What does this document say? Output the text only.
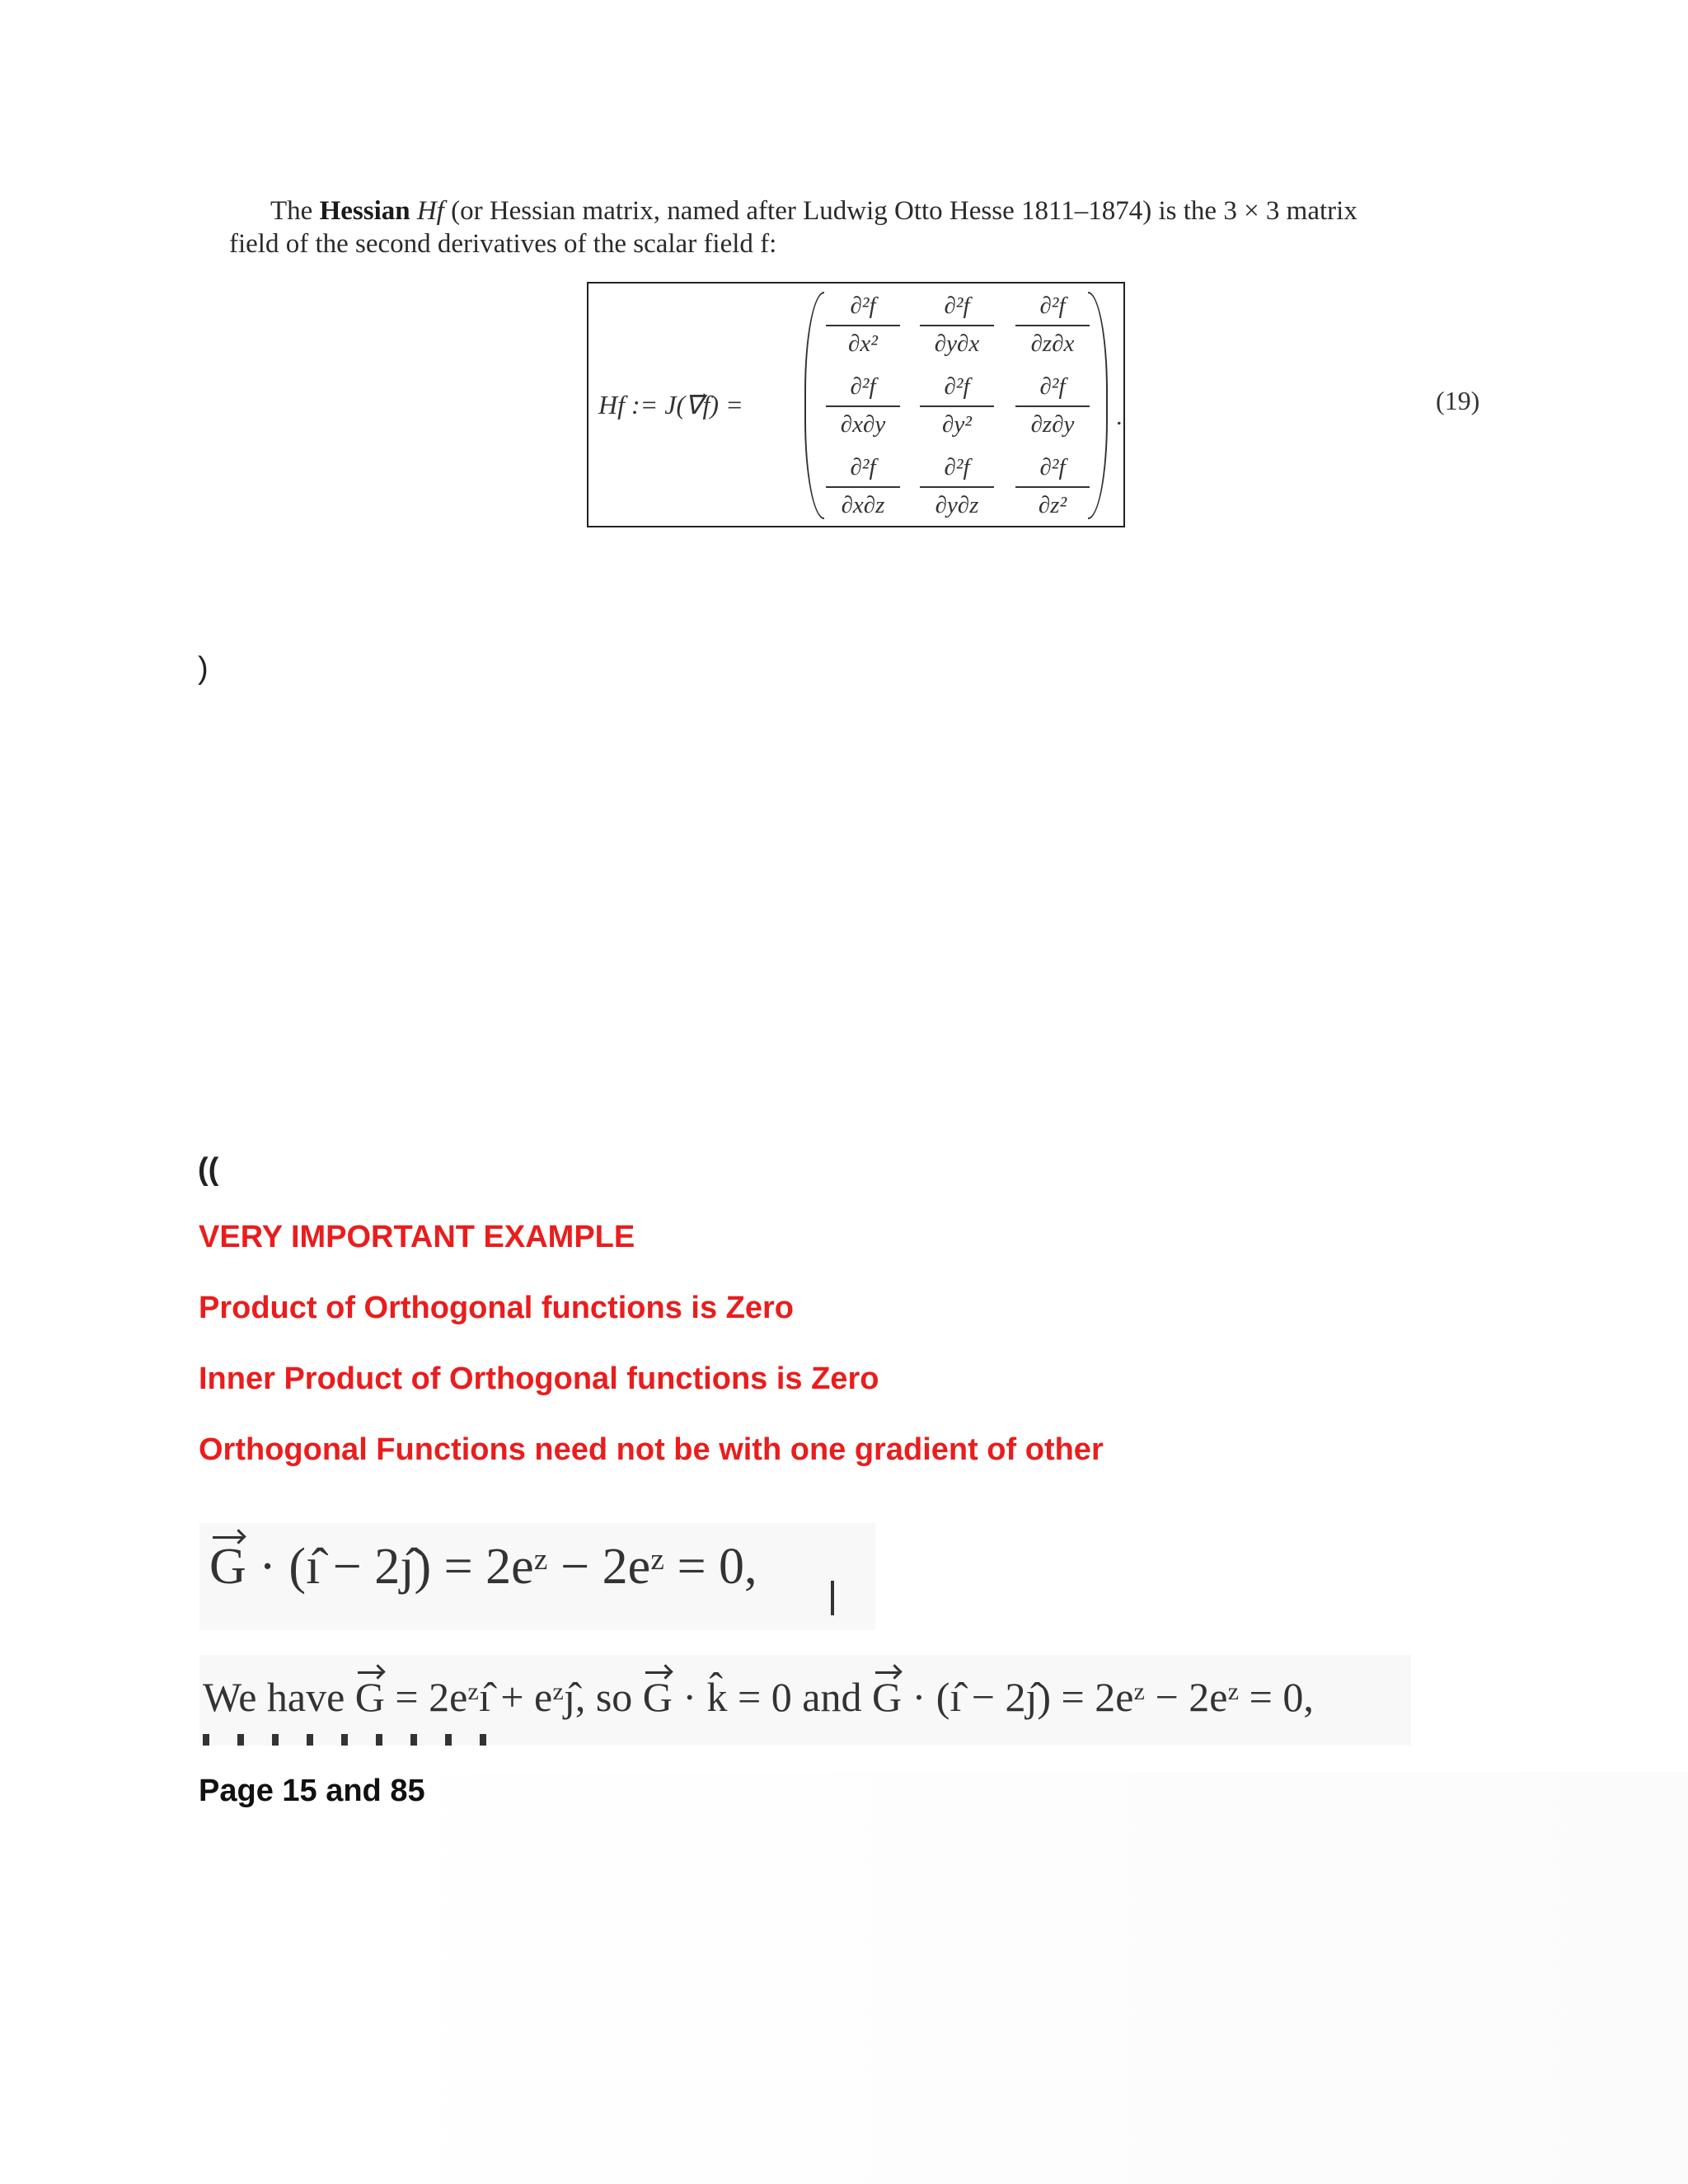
The Hessian Hf (or Hessian matrix, named after Ludwig Otto Hesse 1811–1874) is the 3 × 3 matrix
field of the second derivatives of the scalar field f:
Hf := J(∇⃗f) =	.
$\frac{\text{∂²f}}{\text{∂x²}} \frac{\text{∂²f}}{\partial y\partial x} \frac{\text{∂²f}}{\partial z\partial x}$
$\frac{\text{∂²f}}{\partial x\partial y} \frac{\text{∂²f}}{\text{∂y²}} \frac{\text{∂²f}}{\partial z\partial y}$
$\frac{\text{∂²f}}{\partial x\partial z} \frac{\text{∂²f}}{\partial y\partial z} \frac{\text{∂²f}}{\text{∂z²}}$
(19)
)
((
VERY IMPORTANT EXAMPLE
Product of Orthogonal functions is Zero
Inner Product of Orthogonal functions is Zero
Orthogonal Functions need not be with one gradient of other
G · (ı̂ − 2ȷ̂) = 2eᶻ − 2eᶻ = 0,
We have G = 2eᶻı̂ + eᶻȷ̂, so G · k̂ = 0 and G · (ı̂ − 2ȷ̂) = 2eᶻ − 2eᶻ = 0,
Page 15 and 85
